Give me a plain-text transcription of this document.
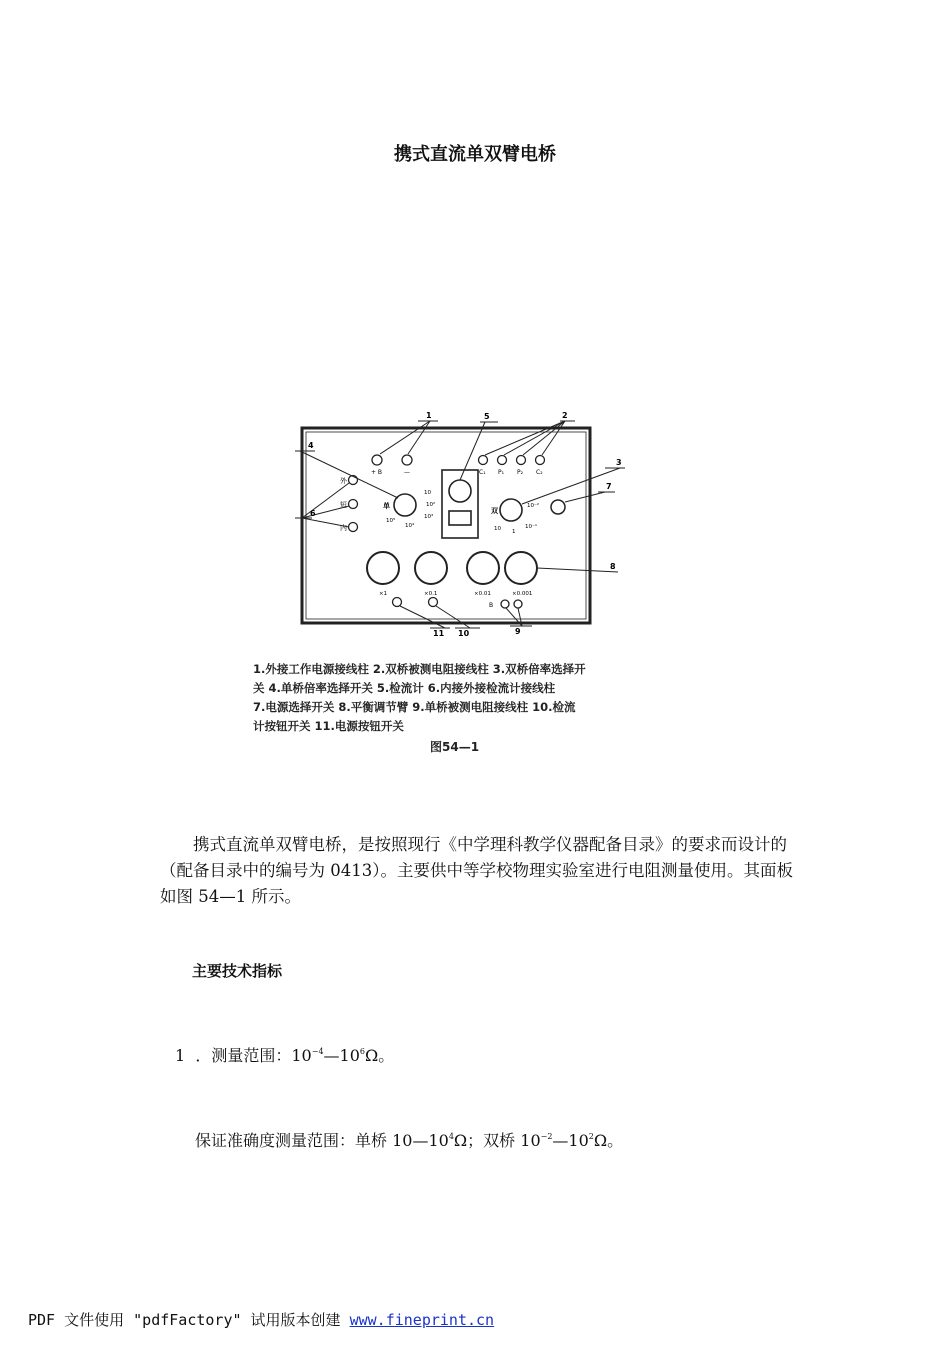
携式直流单双臂电桥
+ B	—	C₁ P₁ P₂ C₂
外
短
内
单
10
10²
10³
10⁴
10⁵
双
10⁻²
10⁻¹
1
10
×1	×0.1	×0.01	×0.001
B
1	5	2
4
3
7
6
8
11 10	9
1.外接工作电源接线柱 2.双桥被测电阻接线柱 3.双桥倍率选择开
关 4.单桥倍率选择开关 5.检流计 6.内接外接检流计接线柱
7.电源选择开关 8.平衡调节臂 9.单桥被测电阻接线柱 10.检流
计按钮开关 11.电源按钮开关
图54—1
携式直流单双臂电桥，是按照现行《中学理科教学仪器配备目录》的要求而设计的（配备目录中的编号为 0413）。主要供中等学校物理实验室进行电阻测量使用。其面板如图 54—1 所示。
主要技术指标
1 ．测量范围：$10^{-4}—10^6\Omega$。
保证准确度测量范围：单桥 $10—10^4\Omega$；双桥 $10^{-2}—10^2\Omega$。
PDF 文件使用 "pdfFactory" 试用版本创建 www.fineprint.cn
